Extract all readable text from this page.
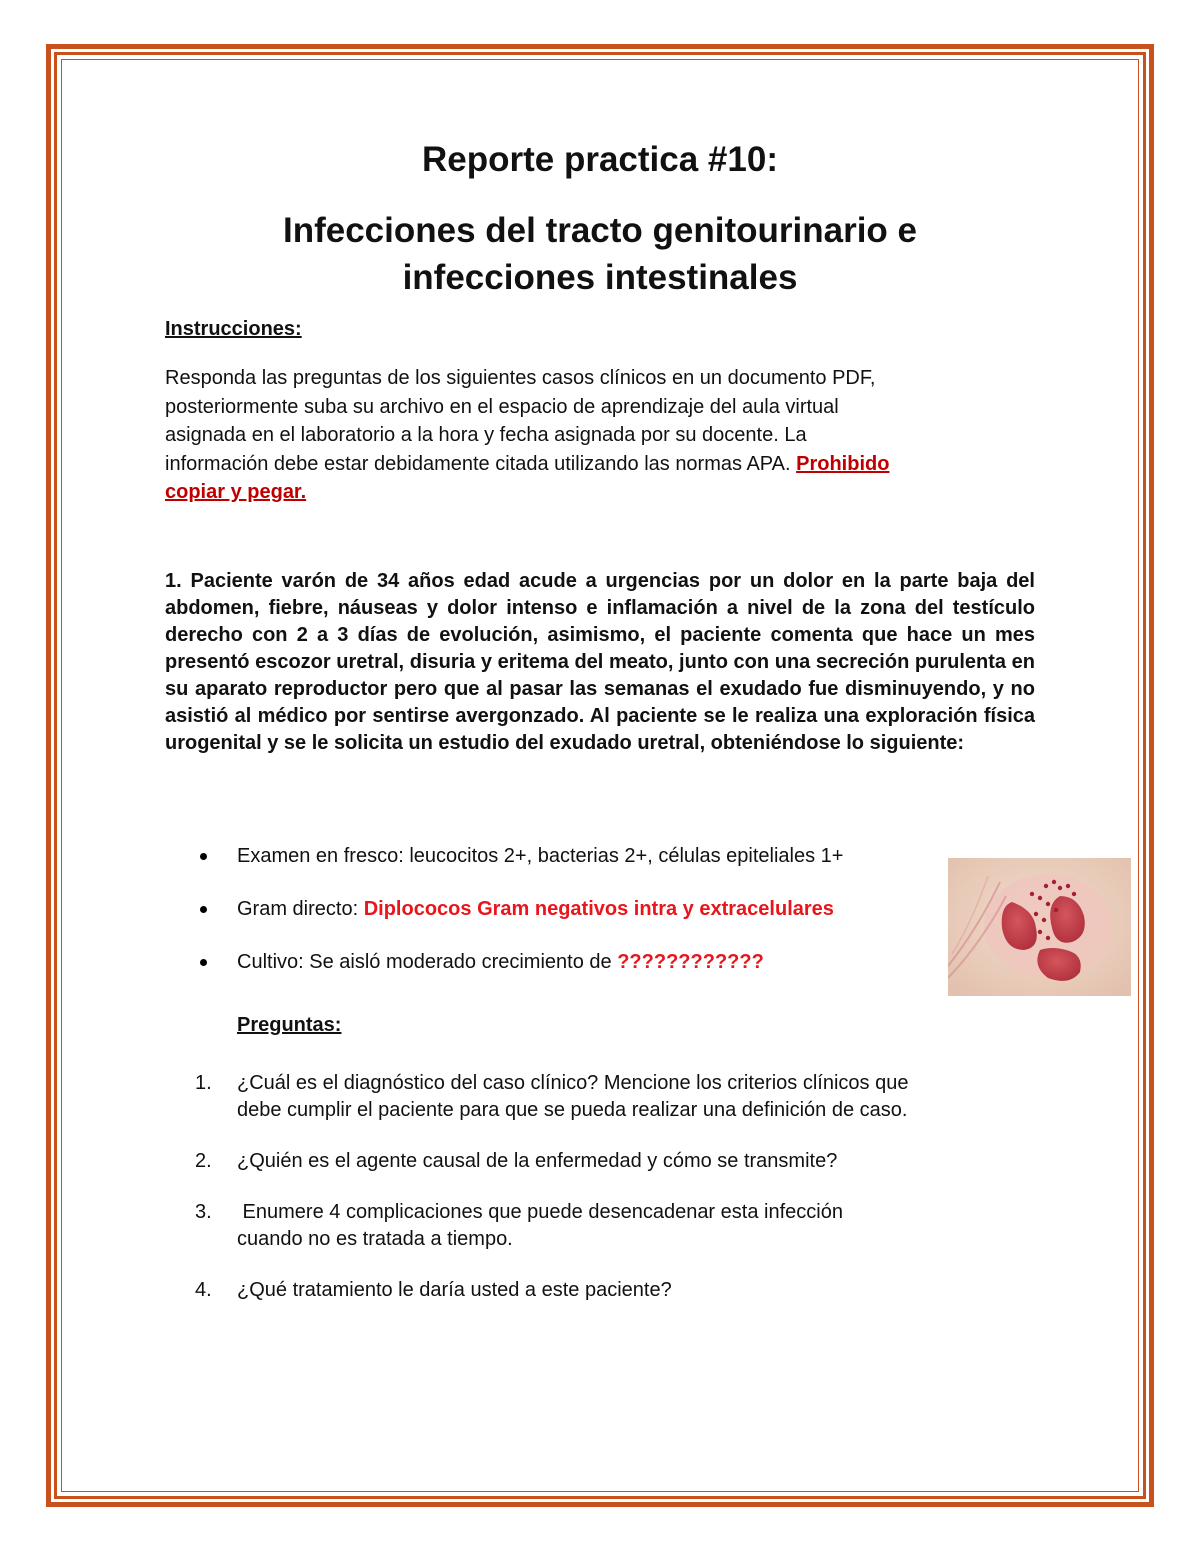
Reporte practica #10:
Infecciones del tracto genitourinario e
infecciones intestinales

Instrucciones:

Responda las preguntas de los siguientes casos clínicos en un documento PDF,
posteriormente suba su archivo en el espacio de aprendizaje del aula virtual
asignada en el laboratorio a la hora y fecha asignada por su docente. La
información debe estar debidamente citada utilizando las normas APA. Prohibido
copiar y pegar.

1. Paciente varón de 34 años edad acude a urgencias por un dolor en la parte baja del abdomen, fiebre, náuseas y dolor intenso e inflamación a nivel de la zona del testículo derecho con 2 a 3 días de evolución, asimismo, el paciente comenta que hace un mes presentó escozor uretral, disuria y eritema del meato, junto con una secreción purulenta en su aparato reproductor pero que al pasar las semanas el exudado fue disminuyendo, y no asistió al médico por sentirse avergonzado. Al paciente se le realiza una exploración física urogenital y se le solicita un estudio del exudado uretral, obteniéndose lo siguiente:

Examen en fresco: leucocitos 2+, bacterias 2+, células epiteliales 1+
Gram directo: Diplococos Gram negativos intra y extracelulares
Cultivo: Se aisló moderado crecimiento de ????????????

Preguntas:

1. ¿Cuál es el diagnóstico del caso clínico? Mencione los criterios clínicos que
debe cumplir el paciente para que se pueda realizar una definición de caso.
2. ¿Quién es el agente causal de la enfermedad y cómo se transmite?
3. Enumere 4 complicaciones que puede desencadenar esta infección
cuando no es tratada a tiempo.
4. ¿Qué tratamiento le daría usted a este paciente?
